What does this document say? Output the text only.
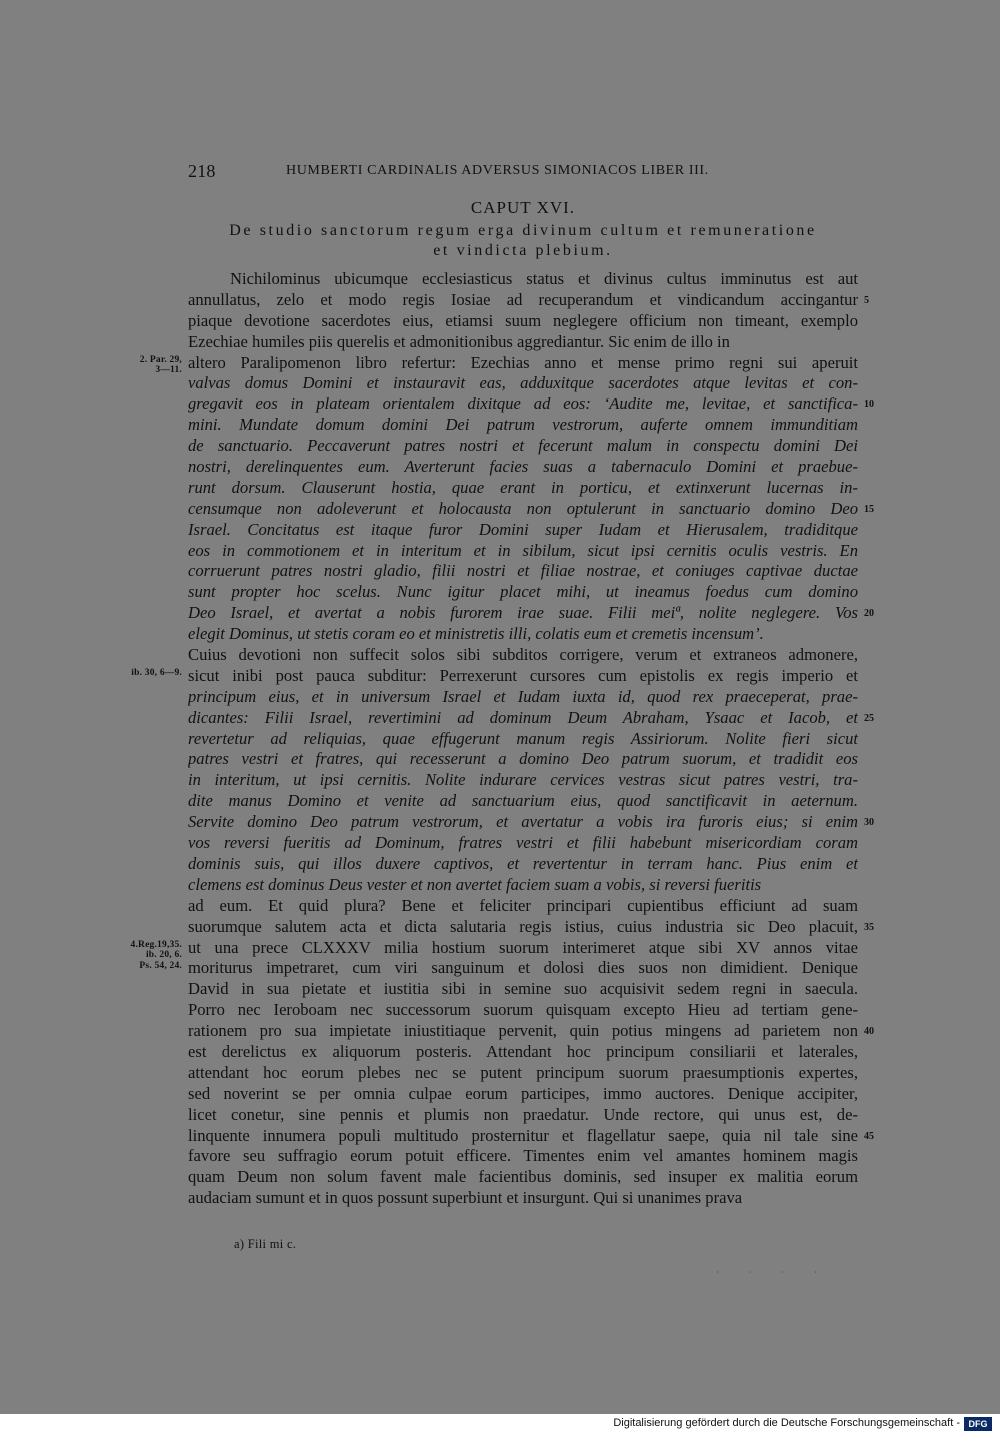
218	HUMBERTI CARDINALIS ADVERSUS SIMONIACOS LIBER III.
CAPUT XVI.
De studio sanctorum regum erga divinum cultum et remuneratione
et vindicta plebium.
Nichilominus ubicumque ecclesiasticus status et divinus cultus imminutus est aut
annullatus, zelo et modo regis Iosiae ad recuperandum et vindicandum accingantur
piaque devotione sacerdotes eius, etiamsi suum neglegere officium non timeant, exemplo
Ezechiae humiles piis querelis et admonitionibus aggrediantur. Sic enim de illo in
altero Paralipomenon libro refertur: Ezechias anno et mense primo regni sui aperuit
valvas domus Domini et instauravit eas, adduxitque sacerdotes atque levitas et con-
gregavit eos in plateam orientalem dixitque ad eos: ‘Audite me, levitae, et sanctifica-
mini. Mundate domum domini Dei patrum vestrorum, auferte omnem immunditiam
de sanctuario. Peccaverunt patres nostri et fecerunt malum in conspectu domini Dei
nostri, derelinquentes eum. Averterunt facies suas a tabernaculo Domini et praebue-
runt dorsum. Clauserunt hostia, quae erant in porticu, et extinxerunt lucernas in-
censumque non adoleverunt et holocausta non optulerunt in sanctuario domino Deo
Israel. Concitatus est itaque furor Domini super Iudam et Hierusalem, tradiditque
eos in commotionem et in interitum et in sibilum, sicut ipsi cernitis oculis vestris. En
corruerunt patres nostri gladio, filii nostri et filiae nostrae, et coniuges captivae ductae
sunt propter hoc scelus. Nunc igitur placet mihi, ut ineamus foedus cum domino
Deo Israel, et avertat a nobis furorem irae suae. Filii meiª, nolite neglegere. Vos
elegit Dominus, ut stetis coram eo et ministretis illi, colatis eum et cremetis incensum’.
Cuius devotioni non suffecit solos sibi subditos corrigere, verum et extraneos admonere,
sicut inibi post pauca subditur: Perrexerunt cursores cum epistolis ex regis imperio et
principum eius, et in universum Israel et Iudam iuxta id, quod rex praeceperat, prae-
dicantes: Filii Israel, revertimini ad dominum Deum Abraham, Ysaac et Iacob, et
revertetur ad reliquias, quae effugerunt manum regis Assiriorum. Nolite fieri sicut
patres vestri et fratres, qui recesserunt a domino Deo patrum suorum, et tradidit eos
in interitum, ut ipsi cernitis. Nolite indurare cervices vestras sicut patres vestri, tra-
dite manus Domino et venite ad sanctuarium eius, quod sanctificavit in aeternum.
Servite domino Deo patrum vestrorum, et avertatur a vobis ira furoris eius; si enim
vos reversi fueritis ad Dominum, fratres vestri et filii habebunt misericordiam coram
dominis suis, qui illos duxere captivos, et revertentur in terram hanc. Pius enim et
clemens est dominus Deus vester et non avertet faciem suam a vobis, si reversi fueritis
ad eum. Et quid plura? Bene et feliciter principari cupientibus efficiunt ad suam
suorumque salutem acta et dicta salutaria regis istius, cuius industria sic Deo placuit,
ut una prece CLXXXV milia hostium suorum interimeret atque sibi XV annos vitae
moriturus impetraret, cum viri sanguinum et dolosi dies suos non dimidient. Denique
David in sua pietate et iustitia sibi in semine suo acquisivit sedem regni in saecula.
Porro nec Ieroboam nec successorum suorum quisquam excepto Hieu ad tertiam gene-
rationem pro sua impietate iniustitiaque pervenit, quin potius mingens ad parietem non
est derelictus ex aliquorum posteris. Attendant hoc principum consiliarii et laterales,
attendant hoc eorum plebes nec se putent principum suorum praesumptionis expertes,
sed noverint se per omnia culpae eorum participes, immo auctores. Denique accipiter,
licet conetur, sine pennis et plumis non praedatur. Unde rectore, qui unus est, de-
linquente innumera populi multitudo prosternitur et flagellatur saepe, quia nil tale sine
favore seu suffragio eorum potuit efficere. Timentes enim vel amantes hominem magis
quam Deum non solum favent male facientibus dominis, sed insuper ex malitia eorum
audaciam sumunt et in quos possunt superbiunt et insurgunt. Qui si unanimes prava
2. Par. 29,
3—11.
ib. 30, 6—9.
4.Reg.19,35.
ib. 20, 6.
Ps. 54, 24.
5
10
15
20
25
30
35
40
45
a) Fili mi c.
· · · ·
Digitalisierung gefördert durch die Deutsche Forschungsgemeinschaft - DFG
